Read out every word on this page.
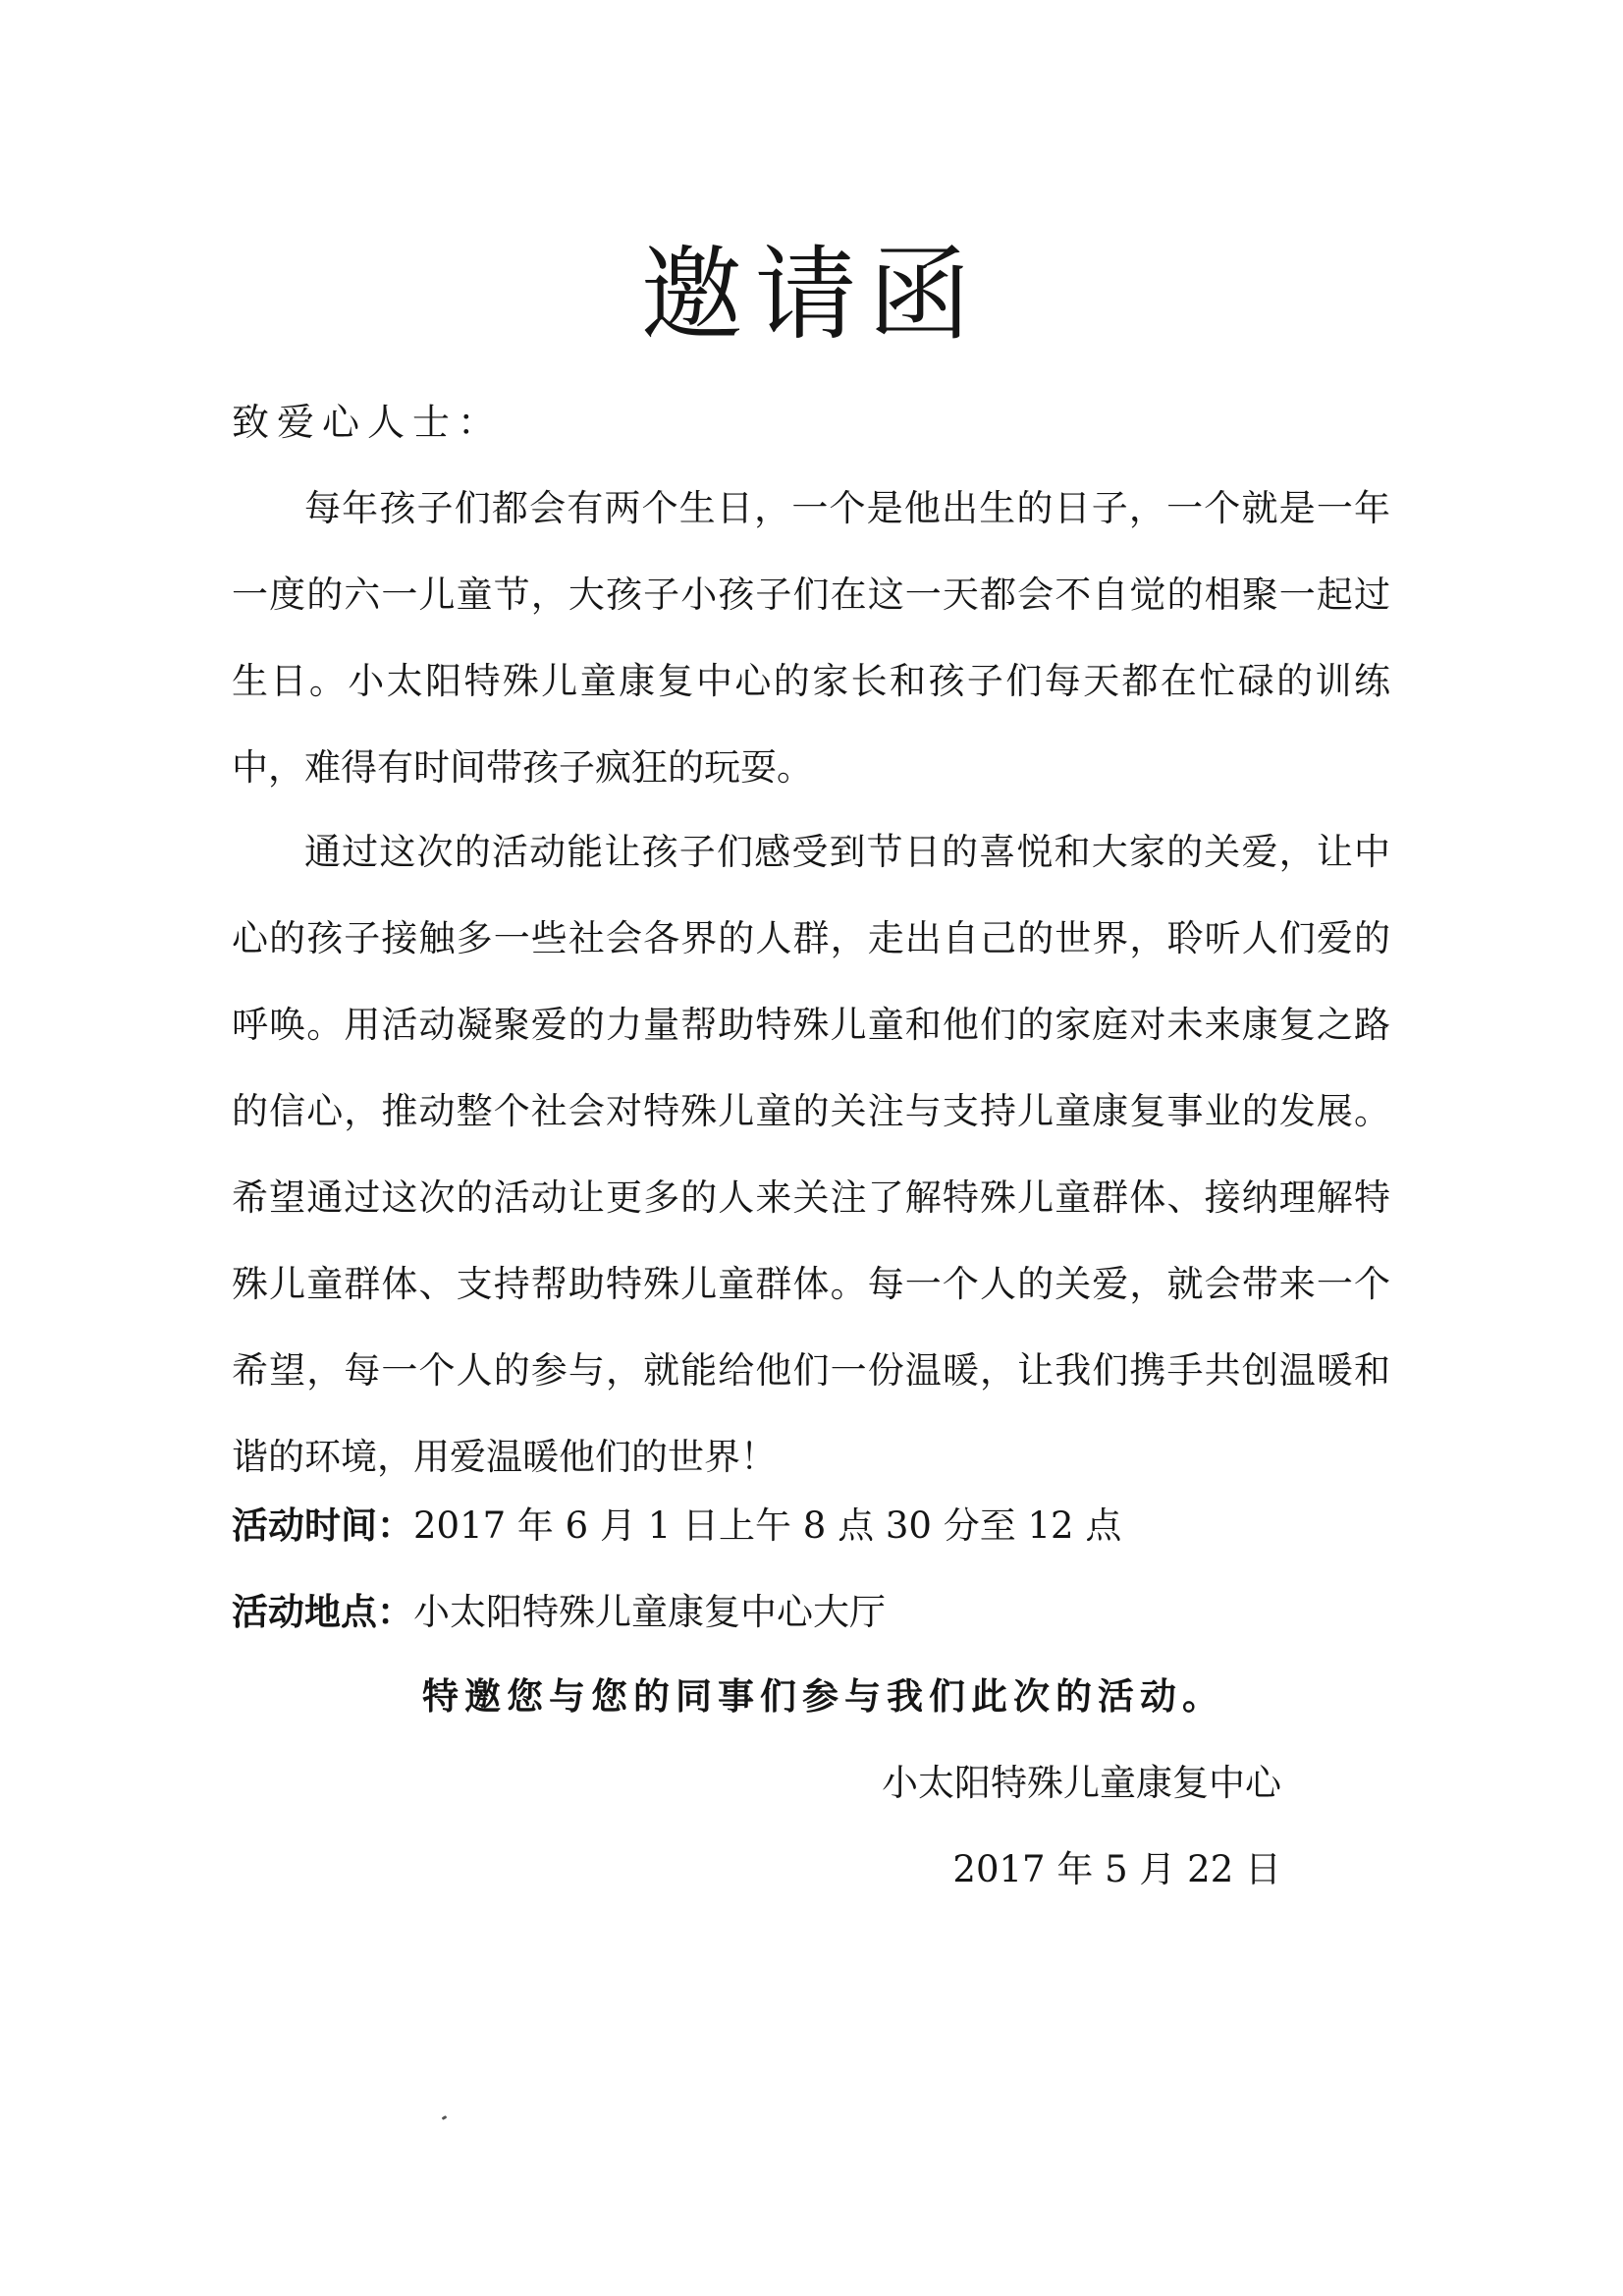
邀请函

致爱心人士：

每年孩子们都会有两个生日，一个是他出生的日子，一个就是一年一度的六一儿童节，大孩子小孩子们在这一天都会不自觉的相聚一起过生日。小太阳特殊儿童康复中心的家长和孩子们每天都在忙碌的训练中，难得有时间带孩子疯狂的玩耍。

通过这次的活动能让孩子们感受到节日的喜悦和大家的关爱，让中心的孩子接触多一些社会各界的人群，走出自己的世界，聆听人们爱的呼唤。用活动凝聚爱的力量帮助特殊儿童和他们的家庭对未来康复之路的信心，推动整个社会对特殊儿童的关注与支持儿童康复事业的发展。希望通过这次的活动让更多的人来关注了解特殊儿童群体、接纳理解特殊儿童群体、支持帮助特殊儿童群体。每一个人的关爱，就会带来一个希望，每一个人的参与，就能给他们一份温暖，让我们携手共创温暖和谐的环境，用爱温暖他们的世界！

活动时间：2017 年 6 月 1 日上午 8 点 30 分至 12 点

活动地点：小太阳特殊儿童康复中心大厅

特邀您与您的同事们参与我们此次的活动。

小太阳特殊儿童康复中心

2017 年 5 月 22 日
